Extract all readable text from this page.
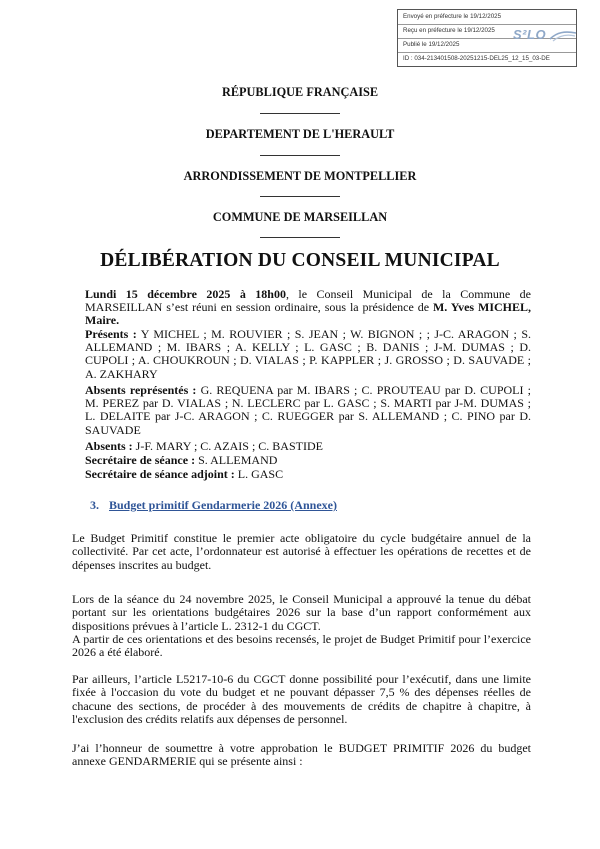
Envoyé en préfecture le 19/12/2025
Reçu en préfecture le 19/12/2025
Publié le 19/12/2025
ID : 034-213401508-20251215-DEL25_12_15_03-DE
S²LO
RÉPUBLIQUE FRANÇAISE
DEPARTEMENT DE L'HERAULT
ARRONDISSEMENT DE MONTPELLIER
COMMUNE DE MARSEILLAN
DÉLIBÉRATION DU CONSEIL MUNICIPAL
Lundi 15 décembre 2025 à 18h00, le Conseil Municipal de la Commune de MARSEILLAN s’est réuni en session ordinaire, sous la présidence de M. Yves MICHEL, Maire.
Présents : Y MICHEL ; M. ROUVIER ; S. JEAN ; W. BIGNON ; ; J-C. ARAGON ; S. ALLEMAND ; M. IBARS ; A. KELLY ; L. GASC ; B. DANIS ; J-M. DUMAS ; D. CUPOLI ; A. CHOUKROUN ; D. VIALAS ; P. KAPPLER ; J. GROSSO ; D. SAUVADE ; A. ZAKHARY
Absents représentés : G. REQUENA par M. IBARS ; C. PROUTEAU par D. CUPOLI ; M. PEREZ par D. VIALAS ; N. LECLERC par L. GASC ; S. MARTI par J-M. DUMAS ; L. DELAITE par J-C. ARAGON ; C. RUEGGER par S. ALLEMAND ; C. PINO par D. SAUVADE
Absents : J-F. MARY ; C. AZAIS ; C. BASTIDE
Secrétaire de séance : S. ALLEMAND
Secrétaire de séance adjoint : L. GASC
3. Budget primitif Gendarmerie 2026 (Annexe)
Le Budget Primitif constitue le premier acte obligatoire du cycle budgétaire annuel de la collectivité. Par cet acte, l’ordonnateur est autorisé à effectuer les opérations de recettes et de dépenses inscrites au budget.
Lors de la séance du 24 novembre 2025, le Conseil Municipal a approuvé la tenue du débat portant sur les orientations budgétaires 2026 sur la base d’un rapport conformément aux dispositions prévues à l’article L. 2312-1 du CGCT.
A partir de ces orientations et des besoins recensés, le projet de Budget Primitif pour l’exercice 2026 a été élaboré.
Par ailleurs, l’article L5217-10-6 du CGCT donne possibilité pour l’exécutif, dans une limite fixée à l'occasion du vote du budget et ne pouvant dépasser 7,5 % des dépenses réelles de chacune des sections, de procéder à des mouvements de crédits de chapitre à chapitre, à l'exclusion des crédits relatifs aux dépenses de personnel.
J’ai l’honneur de soumettre à votre approbation le BUDGET PRIMITIF 2026 du budget annexe GENDARMERIE qui se présente ainsi :
